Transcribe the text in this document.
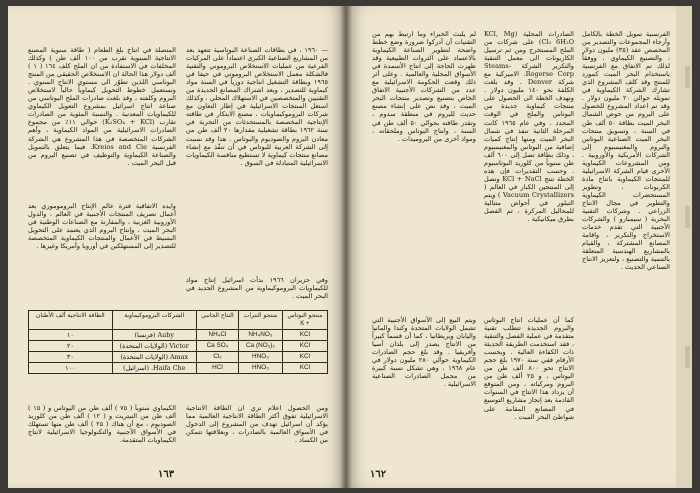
— ١٩٦٠ ، في بطاقات الصناعة البوتاسية تتعهد بعد من المشاريع الصناعية الكبرى اعتماداً على المركبات الفرعية من عمليات الاستخلاص البروموني والتقنية فالشكلة معمل الاستخلاص البروموني في حيفا في ١٩٦٥ وبطاقة التشغيل انتاجية دورياً في السنة مواد كيماوية للتصدير ، وبعد اشتراك المصانع الجديدة من التقنيين والمتخصصين في الاستهلاك المحلي ، وكذلك استغل المنتجات الاسرائيلية في إطار التعاون مع شركات البروموكيماويات ، مصنع الابتكار في طاقته الإنتاجية المخصصة بالمستحدثات من التجربة في سنة ١٩٦٢ بطاقة تشغيلية مقدارها ٢٠ ألف طن من معادن البروم والصوديوم والبوتاس . هذا وقد نسبت إلى الشركة العربية للبوتاس في أن تنفّذ مع إنشاء مصانع منتجات كيماوية لا تستطيع منافسة الكيماويات الاسرائيلية المتبادلة في السوق .

المتصلة في انتاج بلغ الطعام ( طاقة سنوية المصنع الانتاجية السنوية تقرب من ١٠٠ ألف طن ) وكذلك المخلفات في الاستفادة من ان الملح كلف ١٦٤ ( ١ ) ألف دولار هذا الحالة ان الاستخلاص الحقيقي من المنتج البوتاسي اللذين تطوّر الى مستوى الانتاج السنوي . وتستعمل خطوط التحويل كيماوياً حالياً لاستخلاص البروم وكلفته ، وقد بلغت صادرات الملح البوتاسي من صناعة انتاج اسرائيل بمشروع التعويل الكيماوي للكيماويات المعدنية . والنسبة المئوية من الصادرات تقارب (K₂SO₄ + KCl) حوالي ١١٪ من مجموع الصادرات الاسرائيلية من المواد الكيماوية ، وأهم الشركات المتخصصة في هذا المشروع هي الشركة الفرنسية Kreios and Cie. فيما يتعلق بالتمويل والصناعة الكيماوية والتوظيف في تصنيع البروم من قبل البحر الميت .

وايده الاتفاقية فترة عالم الإنتاج البروموموري بعد أعمال تصريف المنتجات الأجنبية في العالم ، والدول الأوروبية الغربية ، والمقارنة مع الصناعات الوطنية في البحر الميت ، وإنتاج البروم الذي يعتمد على التحويل البسيط في الأعمال والمنتجات الكيماوية المتخصصة للتصدير إلى المستهلكين في أوروبا وأمريكا وغيرها .

وفي حزيران ١٩٦٦ بدأت اسرائيل إنتاج مواد للكيماويات البروموكيماوية من المشروع الجديد في البحر الميت .

منتجو البوتاس
+ K	منتجو النترات	النتاج الجانبي	الشركات البروموكيماوية	الطاقة الانتاجية ألف الأطنان
KCl	NH₄NO₃	NH₄Cl	Auby (فرنسا)	١٠
KCl	Ca (NO₃)₂	Ca SO₄	Victor (الولايات المتحدة)	٢٠
KCl	HNO₃	Cl₂	Amax (الولايات المتحدة)	٣٠
KCl	HNO₃	HCl	Haifa Che. (اسرائيل)	١٠٠

ومن الحصول اعلام تري ان الطاقة الانتاجية الاسرائيلية تفوق أكثر الطاقة الانتاجية العالمية مما يؤكد أن اسرائيل تهدف من المشروع إلى الدخول في الأسواق العالمية بالصادرات ، وبعلاقتها تتمكن من الكساد .

الكيماوي ستوياً ( ٧٥ ) ألف طن من اليوتاس و ( ١٥ ) ألف طن من النيتريت و ( ١٢ ) ألف طن من كلوريد الصوديوم ، مع أن هناك ( ٢٥ ) ألف طن منها تستهلك في الأسواق الأجنبية والتكنولوجيا الاسرائيلية لانتاج الكيماويات المتقدمة.

١٦٣

الفرنسية تمويل الخطة بالكامل وأرجاء المجموعات والتصدير من المخصص عقد (٣٥) مليون دولار ، والتصنيع الكيماوي ، ووفقاً لذلك تم الاتفاق مع الفرنسية باستخدام البحر الميت كمورد للمنتج وقد كلف المشروع الذي تشارك الشركة الكيماوية في تمويله حوالي ٢٠ مليون دولار . وقد تم اعداد المشروع للحصول على البروم من حوض الشمال البحر الميت بطاقة ٥٠ ألف طن في السنة ، وتسويق منتجات البحر الميت الصناعية البوتاس والبروم والمغنيسيوم إلى الشركات الأمريكية والأوروبية . ومن المشروعات الكيماوية الأخرى قيام الشركة الاسرائيلية للمنتجات الكيماوية بانتاج مادة الكربونات ، وتطوير المستحضرات الكيماوية والتطوير في مجال الانتاج الزراعي . وشركات التقنية البحرية ( سيمبارو ) والشركات الأجنبية التي تقدم خدمات الاستخراج والتكرير ، واقامة المصانع المشتركة ، والقيام بالمشاريع الهندسية المتعلقة بالتنمية والتصنيع ، ولتعزيز الانتاج الصناعي الحديث .

الصادرات المحلية (KCl, Mg Cl₂ 6H₂O) على شركات من الملح المستخرج ومن ثم ترسيل الكاربونات الى معمل التنقية والتكرير الشركة Steams-Rogerse Corp. الاميركية مع شركة Denver . وقد بلغت الكلفة نحو ١٤٠ مليون دولار . وتهدف الخطة الى الحصول على منتجات كيماوية جديدة من البوتاس والملح في الوقت المحدد . وفي عام ١٩٦٥ كانت المرحلة الثانية تنفذ في شمال البحر الميت ومنها إنتاج كميات إضافية من البوتاس والمغنيسيوم ، وذلك بطاقة تصل إلى ٦٠٠ ألف طن سنوياً من كلوريد البوتاسيوم . وحسب التقديرات فإن هذه الخطة تنتج KCl + NaCl وتصل إلى المنتجين الكبار في العالم ( Vacuum Crystallizers ) ويتم التبلور في أحواض متتالية للمحاليل المركزة ، ثم الفصل بطرق ميكانيكية .

لم يلبث الخبراء وما ارتبط بهم من التقنيات أن أدركوا ضرورة وضع خطط واضحة لتطوير الصناعة الكيماوية بالاعتماد على الثروات الطبيعية وقد ظهرت الحاجة إلى انتاج الأسمدة في الأسواق المحلية والعالمية . وعلى أثر ذلك وقعت الحكومة الاسرائيلية مع عدد من الشركات الأجنبية الاتفاق الخاص بتصنيع وتصدير منتجات البحر الميت ، وقد نص على إنشاء مصنع حديث للبروم في منطقة سدوم ، وتقدر طاقته بحوالي ٥٠ ألف طن في السنة ، وانتاج البوتاس وملحقاته ، ومواد أخرى من البروميدات .

كما أن عمليات انتاج البوتاس والبروم الجديدة تتطلب تقنية متقدمة في عملية الفصل والتنقية ، فقد استخدمت الطريقة الحديثة ذات الكفاءة العالية . وبحسب الأرقام ففي سنة ١٩٧٠ بلغ حجم الانتاج نحو ٨٠٠ ألف طن من البوتاس ، و ٢٥ ألف طن من البروم ومركباته ، ومن المتوقع أن يزداد هذا الانتاج في السنوات القادمة بعد إنجاز مشاريع التوسيع في المصانع المقامة على شواطئ البحر الميت .

ويتم البيع إلى الأسواق الأجنبية التي تشمل الولايات المتحدة وكندا والمانيا واليابان وبريطانيا ، كما أن قسماً كبيراً من الانتاج يصدر إلى بلدان آسيا وأفريقيا . وقد بلغ حجم الصادرات الكيماوية حوالي ٢٨٠ مليون دولار في عام ١٩٦٨ ، وهي تشكل نسبة كبيرة من مجمل الصادرات الصناعية الاسرائيلية .

١٦٢
